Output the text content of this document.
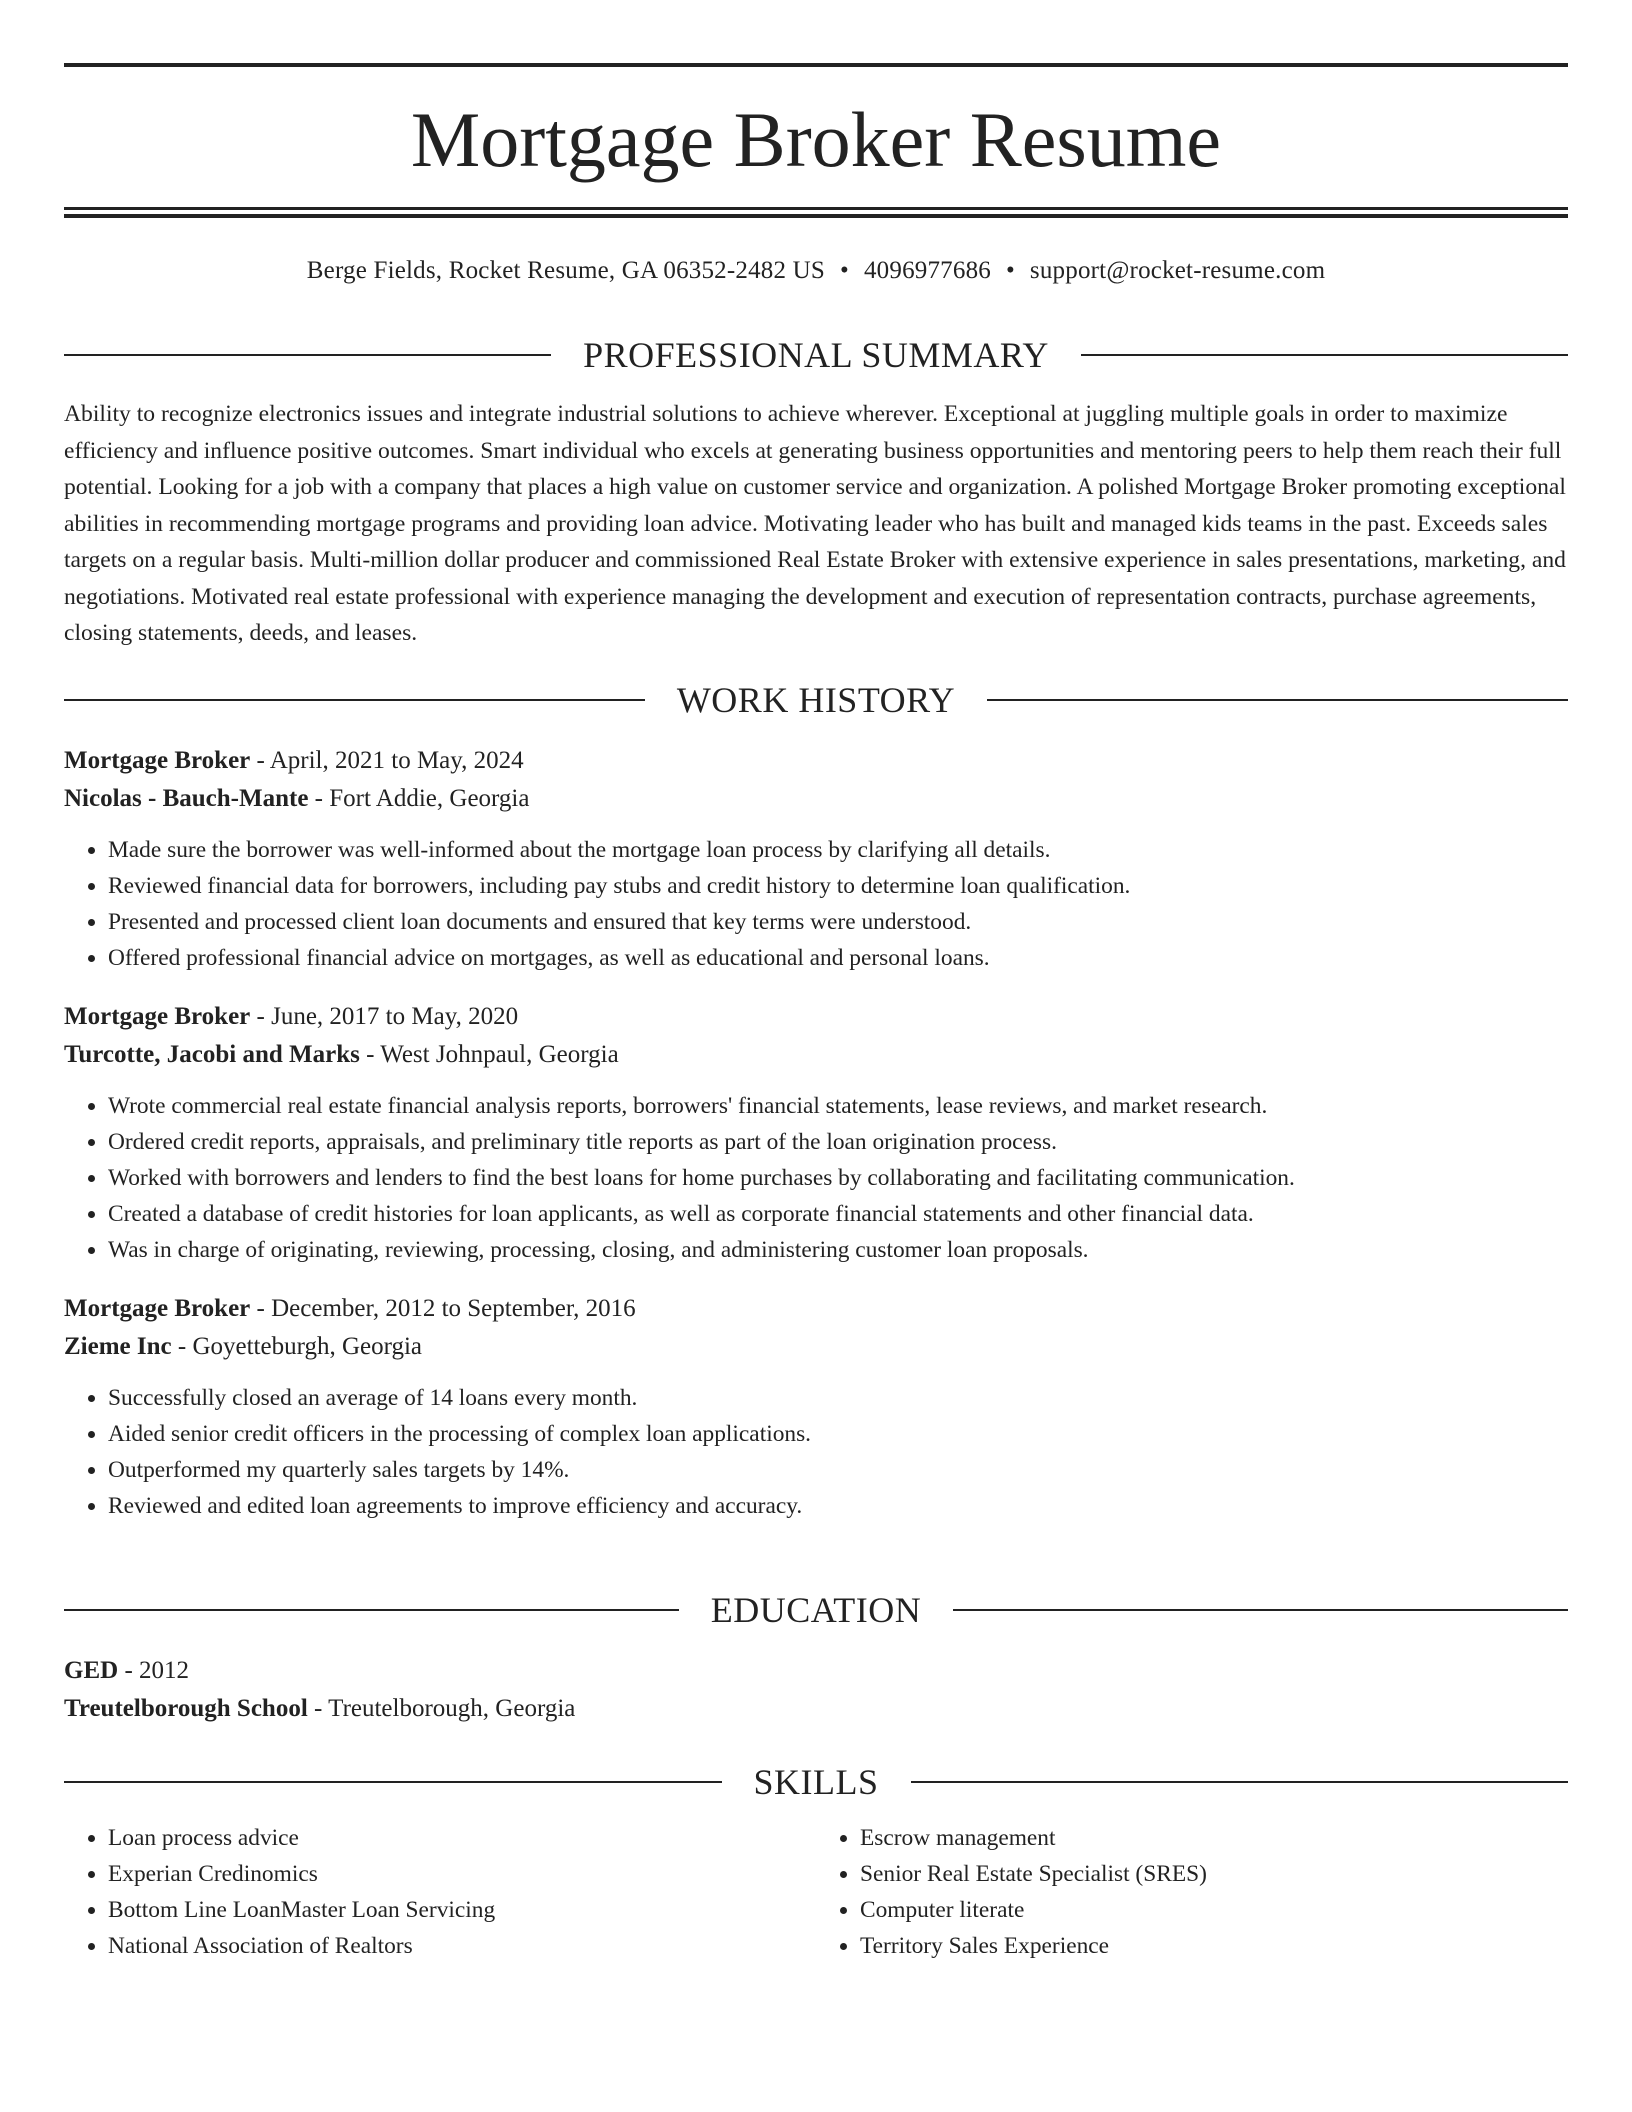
Mortgage Broker Resume
Berge Fields, Rocket Resume, GA 06352-2482 US • 4096977686 • support@rocket-resume.com
PROFESSIONAL SUMMARY

Ability to recognize electronics issues and integrate industrial solutions to achieve wherever. Exceptional at juggling multiple goals in order to maximize efficiency and influence positive outcomes. Smart individual who excels at generating business opportunities and mentoring peers to help them reach their full potential. Looking for a job with a company that places a high value on customer service and organization. A polished Mortgage Broker promoting exceptional abilities in recommending mortgage programs and providing loan advice. Motivating leader who has built and managed kids teams in the past. Exceeds sales targets on a regular basis. Multi-million dollar producer and commissioned Real Estate Broker with extensive experience in sales presentations, marketing, and negotiations. Motivated real estate professional with experience managing the development and execution of representation contracts, purchase agreements, closing statements, deeds, and leases.

WORK HISTORY

Mortgage Broker - April, 2021 to May, 2024

Nicolas - Bauch-Mante - Fort Addie, Georgia

• Made sure the borrower was well-informed about the mortgage loan process by clarifying all details.
• Reviewed financial data for borrowers, including pay stubs and credit history to determine loan qualification.
• Presented and processed client loan documents and ensured that key terms were understood.
• Offered professional financial advice on mortgages, as well as educational and personal loans.

Mortgage Broker - June, 2017 to May, 2020

Turcotte, Jacobi and Marks - West Johnpaul, Georgia

• Wrote commercial real estate financial analysis reports, borrowers' financial statements, lease reviews, and market research.
• Ordered credit reports, appraisals, and preliminary title reports as part of the loan origination process.
• Worked with borrowers and lenders to find the best loans for home purchases by collaborating and facilitating communication.
• Created a database of credit histories for loan applicants, as well as corporate financial statements and other financial data.
• Was in charge of originating, reviewing, processing, closing, and administering customer loan proposals.

Mortgage Broker - December, 2012 to September, 2016

Zieme Inc - Goyetteburgh, Georgia

• Successfully closed an average of 14 loans every month.
• Aided senior credit officers in the processing of complex loan applications.
• Outperformed my quarterly sales targets by 14%.
• Reviewed and edited loan agreements to improve efficiency and accuracy.
EDUCATION

GED - 2012

Treutelborough School - Treutelborough, Georgia

SKILLS
• Loan process advice
• Experian Credinomics
• Bottom Line LoanMaster Loan Servicing
• National Association of Realtors
• Escrow management
• Senior Real Estate Specialist (SRES)
• Computer literate
• Territory Sales Experience
